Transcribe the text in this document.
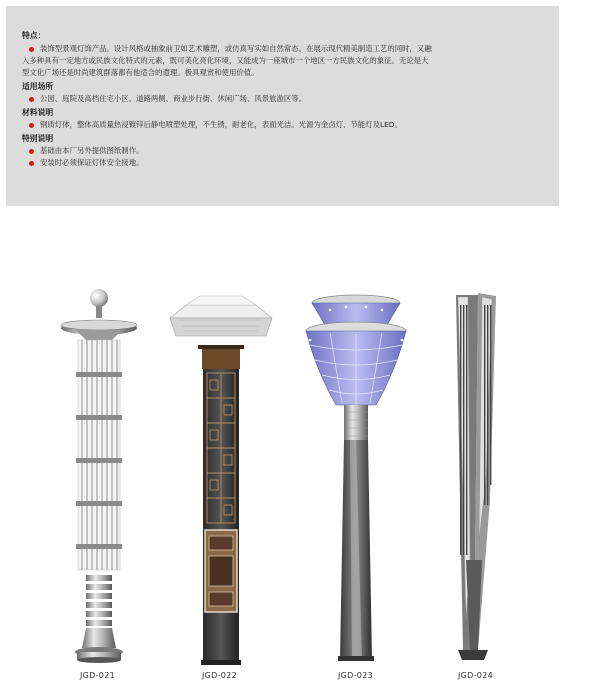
特点：
装饰型景观灯饰产品。设计风格或抽象前卫如艺术雕塑，或仿真写实如自然常态。在展示现代精美制造工艺的同时，又融
入多种具有一定地方或民族文化特式的元素，既可美化亮化环境，又能成为一座城市一个地区一方民族文化的象征。无论是大
型文化广场还是时尚建筑群落都有他适合的遣理。极具观赏和使用价值。
适用场所
公园、庭院及高档住宅小区、道路两侧、商业步行街、休闲广场、风景旅游区等。
材料说明
钢质灯体，整体高质量热浸镀锌后静电喷塑处理，不生锈，耐老化，表面光洁。光源为金卤灯、节能灯及LED。
特别说明
基础由本厂另外提供图纸制作。
安装时必须保证灯体安全接地。
JGD-021	JGD-022	JGD-023	JGD-024
